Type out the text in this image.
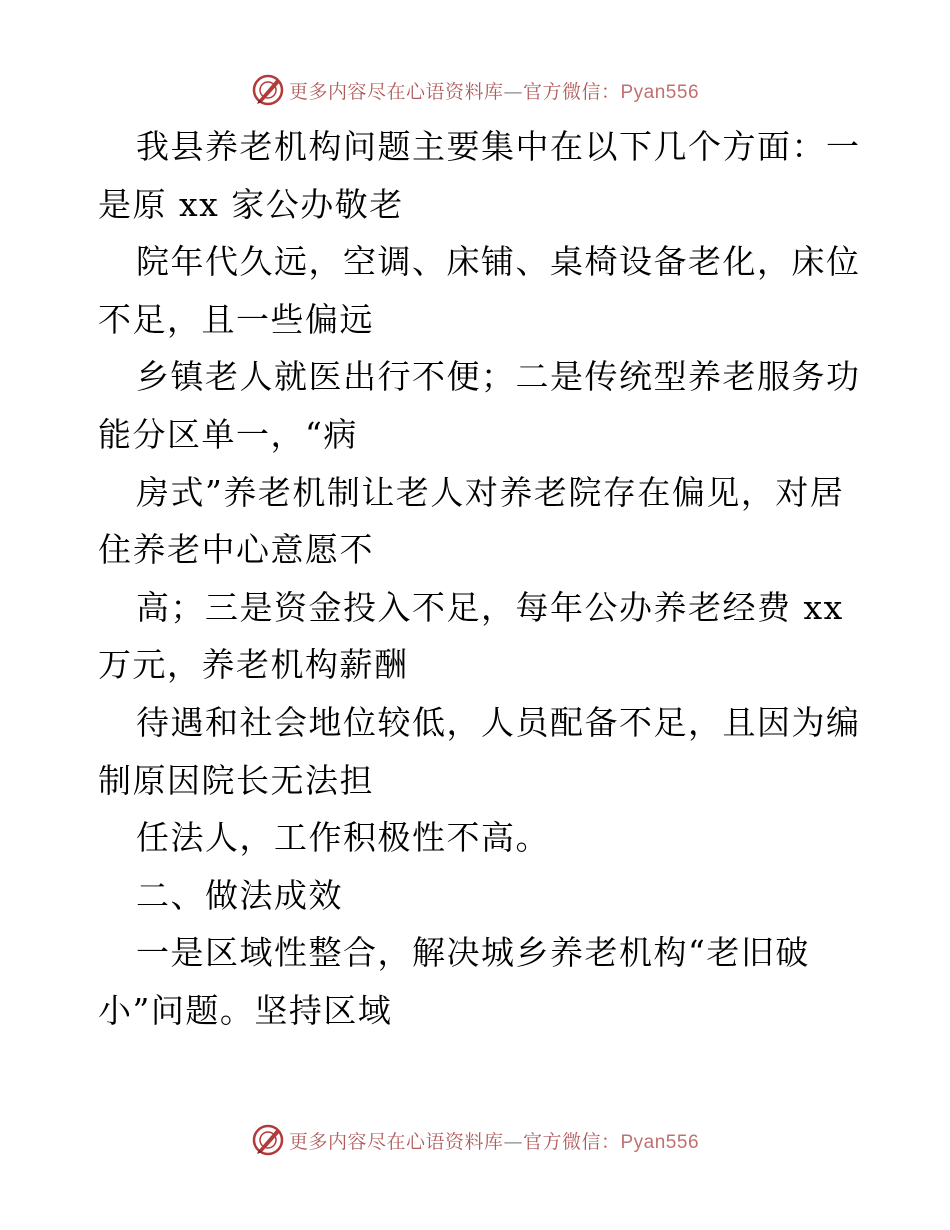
更多内容尽在心语资料库—官方微信：Pyan556
我县养老机构问题主要集中在以下几个方面：一
是原 xx 家公办敬老
院年代久远，空调、床铺、桌椅设备老化，床位
不足，且一些偏远
乡镇老人就医出行不便；二是传统型养老服务功
能分区单一，“病
房式”养老机制让老人对养老院存在偏见，对居
住养老中心意愿不
高；三是资金投入不足，每年公办养老经费 xx
万元，养老机构薪酬
待遇和社会地位较低，人员配备不足，且因为编
制原因院长无法担
任法人，工作积极性不高。
二、做法成效
一是区域性整合，解决城乡养老机构“老旧破
小”问题。坚持区域
更多内容尽在心语资料库—官方微信：Pyan556
